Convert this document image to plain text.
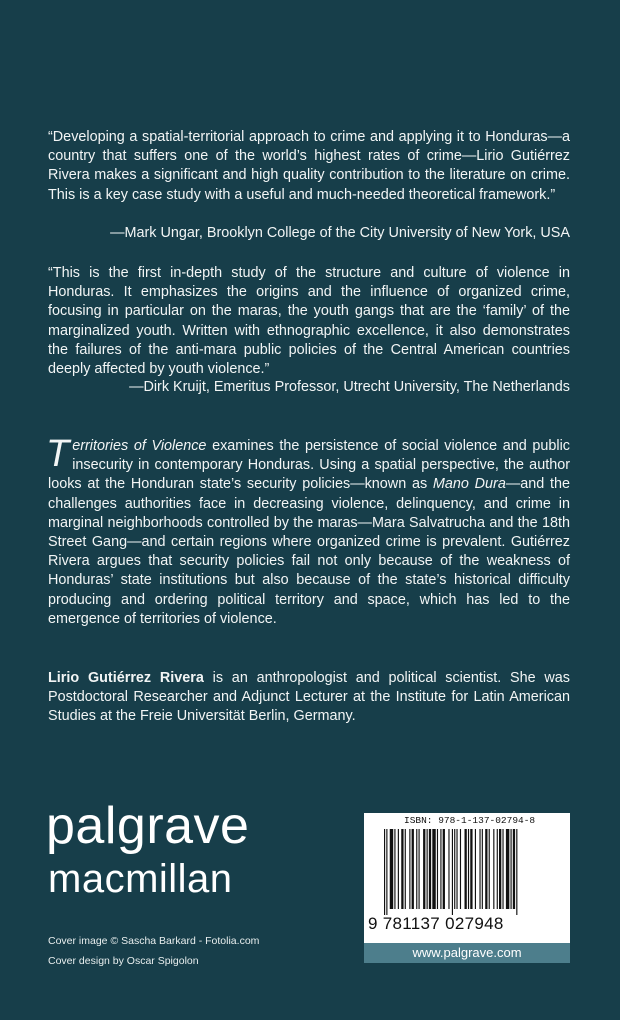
“Developing a spatial-territorial approach to crime and applying it to Honduras—a country that suffers one of the world’s highest rates of crime—Lirio Gutiérrez Rivera makes a significant and high quality contribution to the literature on crime. This is a key case study with a useful and much-needed theoretical framework.”
—Mark Ungar, Brooklyn College of the City University of New York, USA
“This is the first in-depth study of the structure and culture of violence in Honduras. It emphasizes the origins and the influence of organized crime, focusing in particular on the maras, the youth gangs that are the ‘family’ of the marginalized youth. Written with ethnographic excellence, it also demonstrates the failures of the anti-mara public policies of the Central American countries deeply affected by youth violence.”
—Dirk Kruijt, Emeritus Professor, Utrecht University, The Netherlands
Territories of Violence examines the persistence of social violence and public insecurity in contemporary Honduras. Using a spatial perspective, the author looks at the Honduran state’s security policies—known as Mano Dura—and the challenges authorities face in decreasing violence, delinquency, and crime in marginal neighborhoods controlled by the maras—Mara Salvatrucha and the 18th Street Gang—and certain regions where organized crime is prevalent. Gutiérrez Rivera argues that security policies fail not only because of the weakness of Honduras’ state institutions but also because of the state’s historical difficulty producing and ordering political territory and space, which has led to the emergence of territories of violence.
Lirio Gutiérrez Rivera is an anthropologist and political scientist. She was Postdoctoral Researcher and Adjunct Lecturer at the Institute for Latin American Studies at the Freie Universität Berlin, Germany.
palgrave
macmillan
Cover image © Sascha Barkard - Fotolia.com
Cover design by Oscar Spigolon
ISBN: 978-1-137-02794-8
9 781137 027948
www.palgrave.com
